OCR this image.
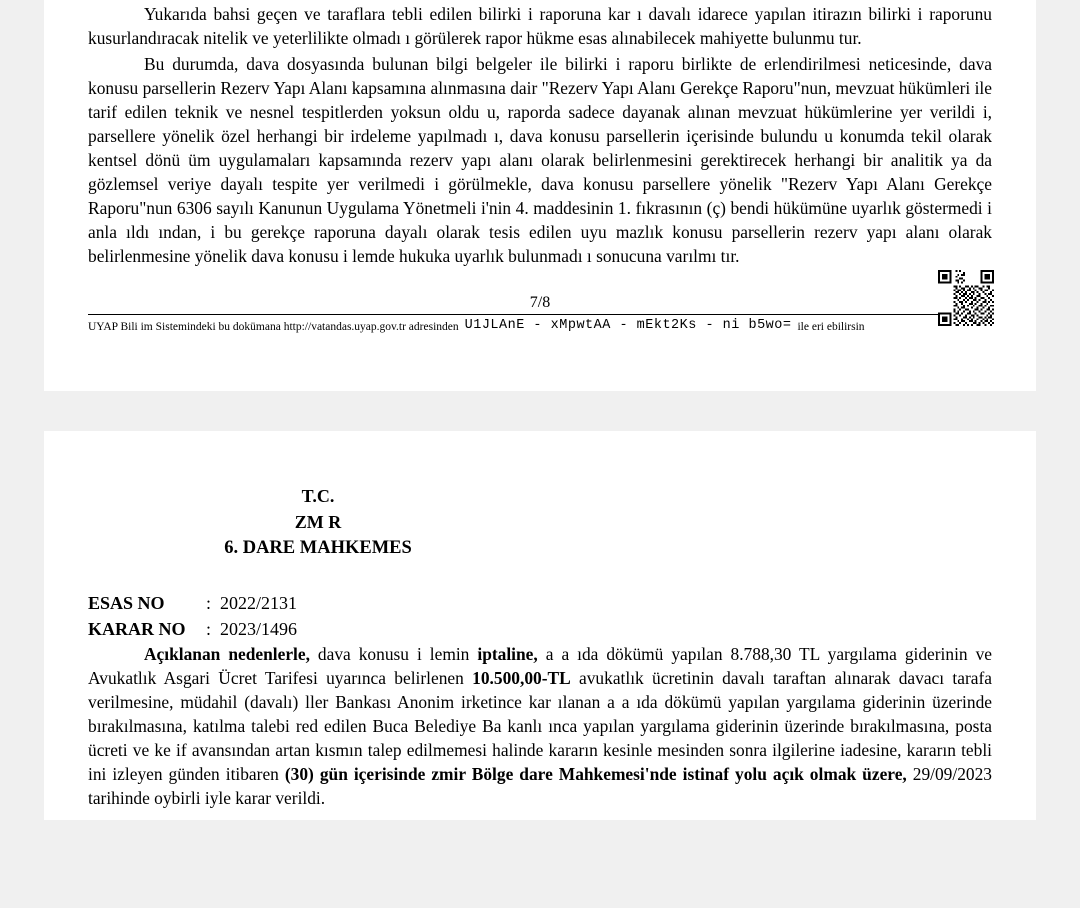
Yukarıda bahsi geçen ve taraflara tebli edilen bilirki i raporuna kar ı davalı idarece yapılan itirazın bilirki i raporunu kusurlandıracak nitelik ve yeterlilikte olmadı ı görülerek rapor hükme esas alınabilecek mahiyette bulunmu tur.

Bu durumda, dava dosyasında bulunan bilgi belgeler ile bilirki i raporu birlikte de erlendirilmesi neticesinde, dava konusu parsellerin Rezerv Yapı Alanı kapsamına alınmasına dair "Rezerv Yapı Alanı Gerekçe Raporu"nun, mevzuat hükümleri ile tarif edilen teknik ve nesnel tespitlerden yoksun oldu u, raporda sadece dayanak alınan mevzuat hükümlerine yer verildi i, parsellere yönelik özel herhangi bir irdeleme yapılmadı ı, dava konusu parsellerin içerisinde bulundu u konumda tekil olarak kentsel dönü üm uygulamaları kapsamında rezerv yapı alanı olarak belirlenmesini gerektirecek herhangi bir analitik ya da gözlemsel veriye dayalı tespite yer verilmedi i görülmekle, dava konusu parsellere yönelik "Rezerv Yapı Alanı Gerekçe Raporu"nun 6306 sayılı Kanunun Uygulama Yönetmeli i'nin 4. maddesinin 1. fıkrasının (ç) bendi hükümüne uyarlık göstermedi i anla ıldı ından, i bu gerekçe raporuna dayalı olarak tesis edilen uyu mazlık konusu parsellerin rezerv yapı alanı olarak belirlenmesine yönelik dava konusu i lemde hukuka uyarlık bulunmadı ı sonucuna varılmı tır.

7/8
UYAP Bili im Sistemindeki bu dokümana http://vatandas.uyap.gov.tr adresinden U1JLAnE - xMpwtAA - mEkt2Ks - ni b5wo= ile eri ebilirsin
T.C.
ZM R
6. DARE MAHKEMES
ESAS NO	: 2022/2131
KARAR NO	: 2023/1496

Açıklanan nedenlerle, dava konusu i lemin iptaline, a a ıda dökümü yapılan 8.788,30 TL yargılama giderinin ve Avukatlık Asgari Ücret Tarifesi uyarınca belirlenen 10.500,00-TL avukatlık ücretinin davalı taraftan alınarak davacı tarafa verilmesine, müdahil (davalı) ller Bankası Anonim irketince kar ılanan a a ıda dökümü yapılan yargılama giderinin üzerinde bırakılmasına, katılma talebi red edilen Buca Belediye Ba kanlı ınca yapılan yargılama giderinin üzerinde bırakılmasına, posta ücreti ve ke if avansından artan kısmın talep edilmemesi halinde kararın kesinle mesinden sonra ilgilerine iadesine, kararın tebli ini izleyen günden itibaren (30) gün içerisinde zmir Bölge dare Mahkemesi'nde istinaf yolu açık olmak üzere, 29/09/2023 tarihinde oybirli iyle karar verildi.
